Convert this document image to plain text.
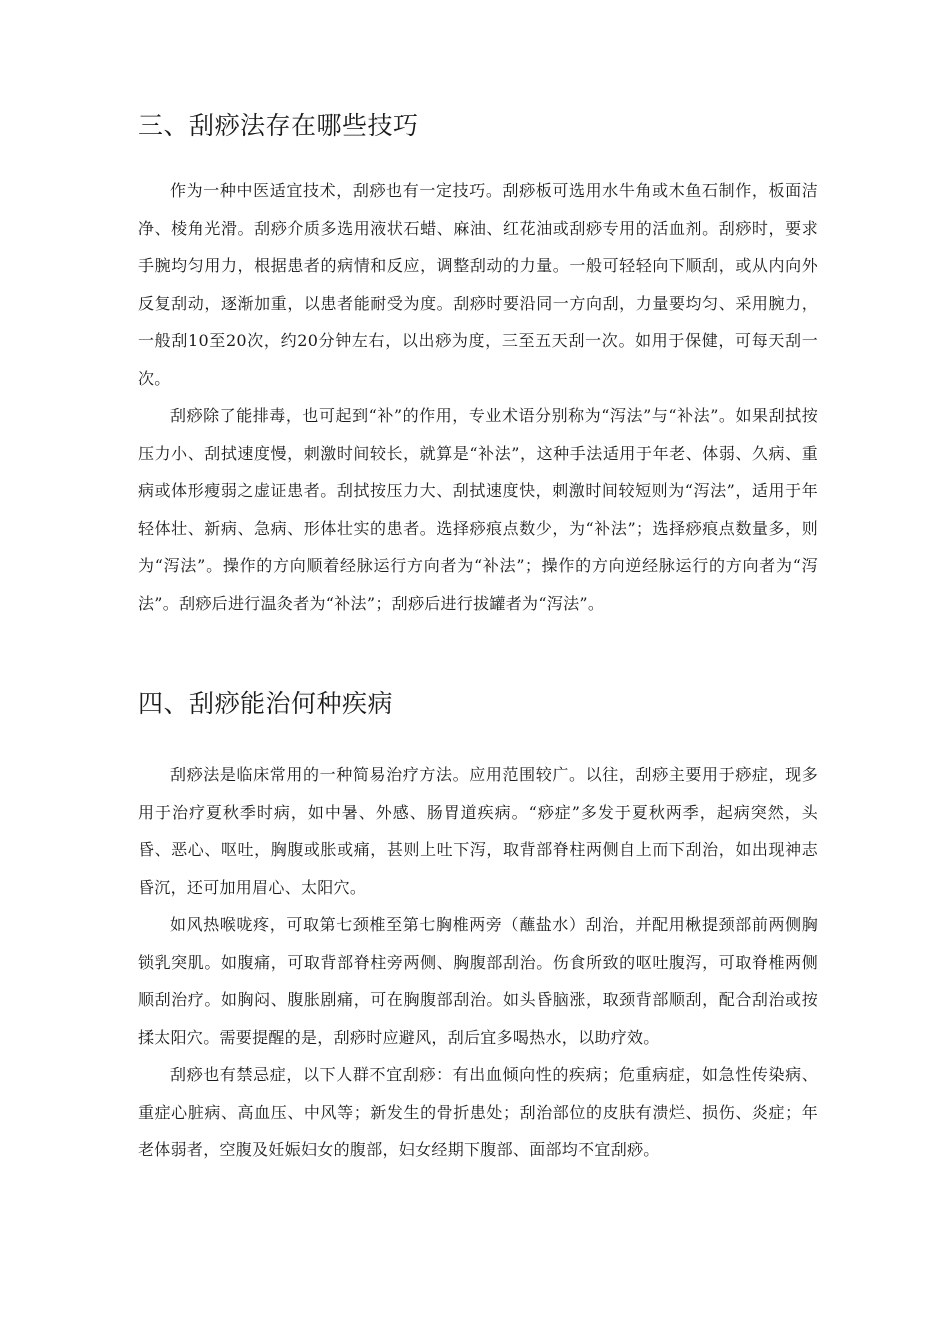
三、刮痧法存在哪些技巧

作为一种中医适宜技术，刮痧也有一定技巧。刮痧板可选用水牛角或木鱼石制作，板面洁净、棱角光滑。刮痧介质多选用液状石蜡、麻油、红花油或刮痧专用的活血剂。刮痧时，要求手腕均匀用力，根据患者的病情和反应，调整刮动的力量。一般可轻轻向下顺刮，或从内向外反复刮动，逐渐加重，以患者能耐受为度。刮痧时要沿同一方向刮，力量要均匀、采用腕力，一般刮10至20次，约20分钟左右，以出痧为度，三至五天刮一次。如用于保健，可每天刮一次。

刮痧除了能排毒，也可起到“补”的作用，专业术语分别称为“泻法”与“补法”。如果刮拭按压力小、刮拭速度慢，刺激时间较长，就算是“补法”，这种手法适用于年老、体弱、久病、重病或体形瘦弱之虚证患者。刮拭按压力大、刮拭速度快，刺激时间较短则为“泻法”，适用于年轻体壮、新病、急病、形体壮实的患者。选择痧痕点数少，为“补法”；选择痧痕点数量多，则为“泻法”。操作的方向顺着经脉运行方向者为“补法”；操作的方向逆经脉运行的方向者为“泻法”。刮痧后进行温灸者为“补法”；刮痧后进行拔罐者为“泻法”。

四、刮痧能治何种疾病

刮痧法是临床常用的一种简易治疗方法。应用范围较广。以往，刮痧主要用于痧症，现多用于治疗夏秋季时病，如中暑、外感、肠胃道疾病。“痧症”多发于夏秋两季，起病突然，头昏、恶心、呕吐，胸腹或胀或痛，甚则上吐下泻，取背部脊柱两侧自上而下刮治，如出现神志昏沉，还可加用眉心、太阳穴。

如风热喉咙疼，可取第七颈椎至第七胸椎两旁（蘸盐水）刮治，并配用楸提颈部前两侧胸锁乳突肌。如腹痛，可取背部脊柱旁两侧、胸腹部刮治。伤食所致的呕吐腹泻，可取脊椎两侧顺刮治疗。如胸闷、腹胀剧痛，可在胸腹部刮治。如头昏脑涨，取颈背部顺刮，配合刮治或按揉太阳穴。需要提醒的是，刮痧时应避风，刮后宜多喝热水，以助疗效。

刮痧也有禁忌症，以下人群不宜刮痧：有出血倾向性的疾病；危重病症，如急性传染病、重症心脏病、高血压、中风等；新发生的骨折患处；刮治部位的皮肤有溃烂、损伤、炎症；年老体弱者，空腹及妊娠妇女的腹部，妇女经期下腹部、面部均不宜刮痧。
